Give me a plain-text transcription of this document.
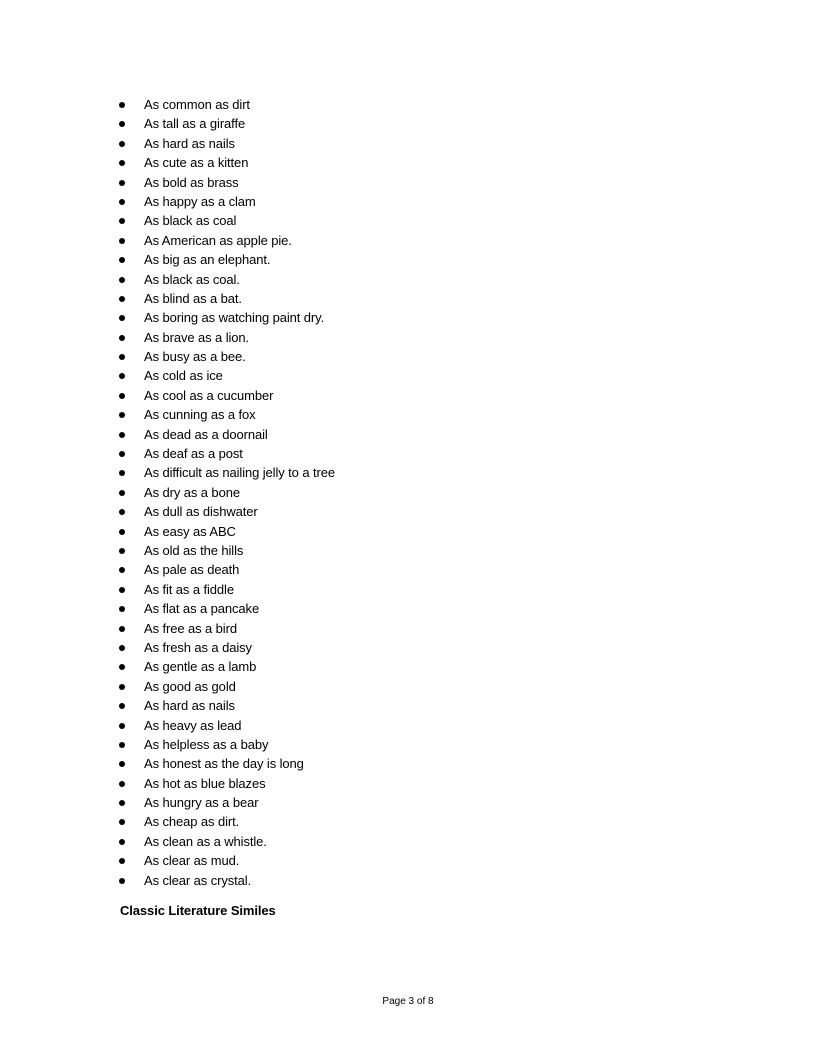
As common as dirt
As tall as a giraffe
As hard as nails
As cute as a kitten
As bold as brass
As happy as a clam
As black as coal
As American as apple pie.
As big as an elephant.
As black as coal.
As blind as a bat.
As boring as watching paint dry.
As brave as a lion.
As busy as a bee.
As cold as ice
As cool as a cucumber
As cunning as a fox
As dead as a doornail
As deaf as a post
As difficult as nailing jelly to a tree
As dry as a bone
As dull as dishwater
As easy as ABC
As old as the hills
As pale as death
As fit as a fiddle
As flat as a pancake
As free as a bird
As fresh as a daisy
As gentle as a lamb
As good as gold
As hard as nails
As heavy as lead
As helpless as a baby
As honest as the day is long
As hot as blue blazes
As hungry as a bear
As cheap as dirt.
As clean as a whistle.
As clear as mud.
As clear as crystal.
Classic Literature Similes
Page 3 of 8
